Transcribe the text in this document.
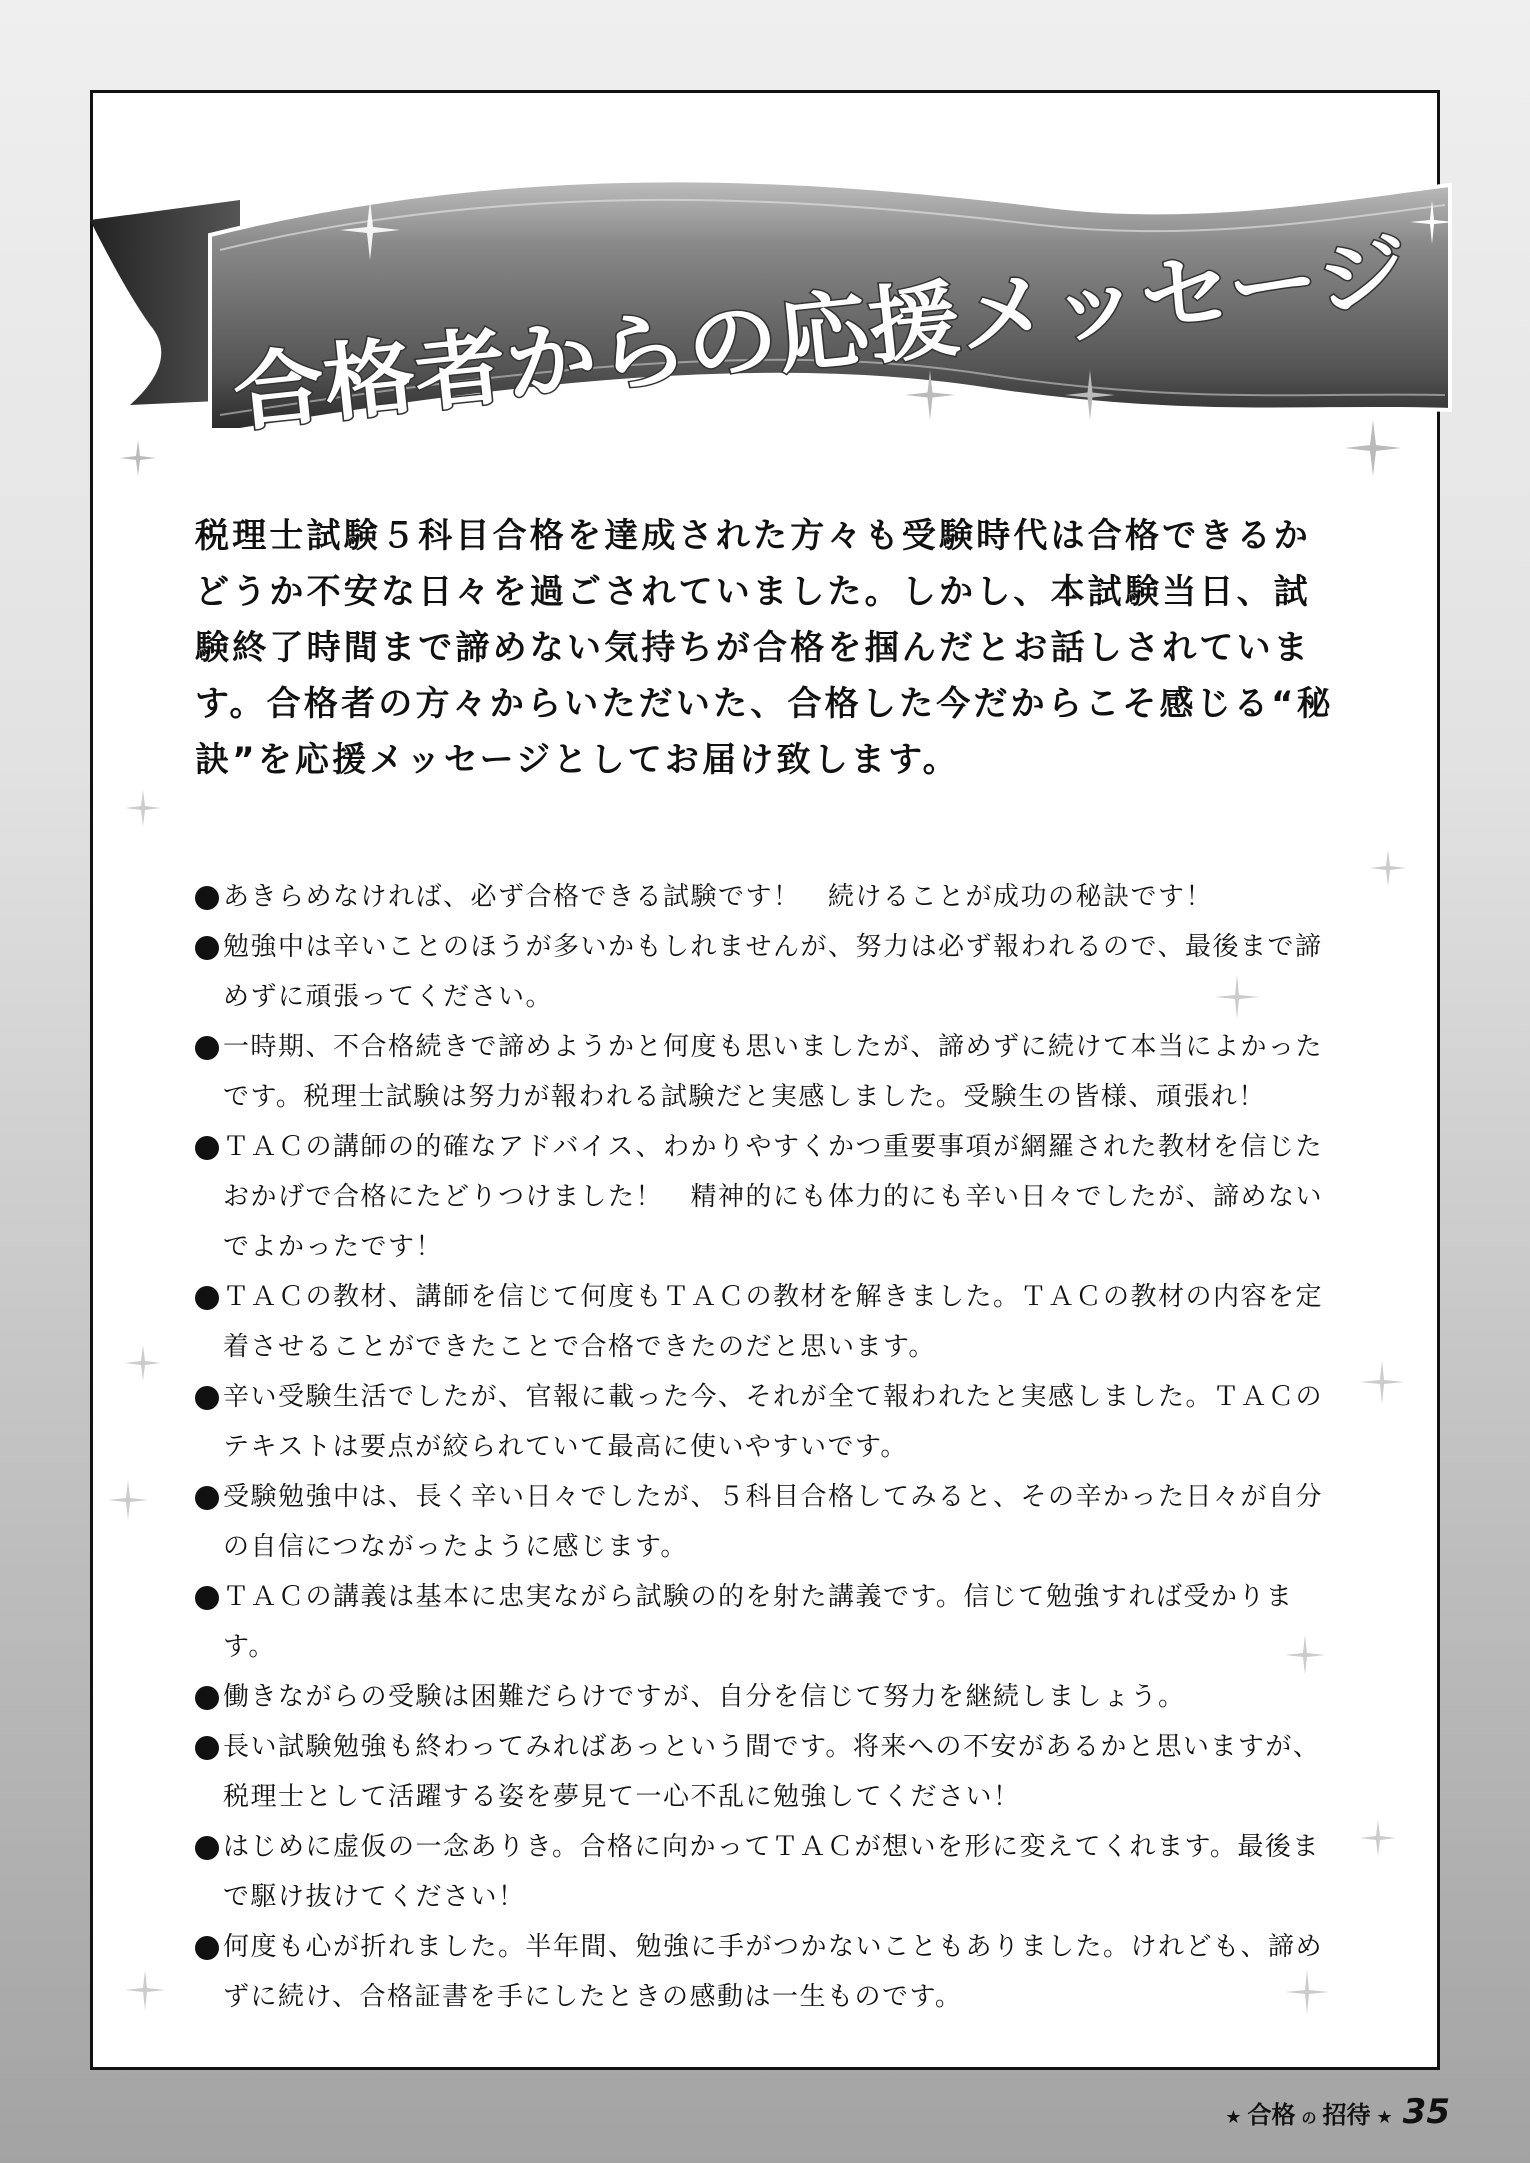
合格者からの応援メッセージ

税理士試験５科目合格を達成された方々も受験時代は合格できるかどうか不安な日々を過ごされていました。しかし、本試験当日、試験終了時間まで諦めない気持ちが合格を掴んだとお話しされています。合格者の方々からいただいた、合格した今だからこそ感じる“秘訣”を応援メッセージとしてお届け致します。

あきらめなければ、必ず合格できる試験です！　続けることが成功の秘訣です！
勉強中は辛いことのほうが多いかもしれませんが、努力は必ず報われるので、最後まで諦めずに頑張ってください。
一時期、不合格続きで諦めようかと何度も思いましたが、諦めずに続けて本当によかったです。税理士試験は努力が報われる試験だと実感しました。受験生の皆様、頑張れ！
ＴＡＣの講師の的確なアドバイス、わかりやすくかつ重要事項が網羅された教材を信じたおかげで合格にたどりつけました！　精神的にも体力的にも辛い日々でしたが、諦めないでよかったです！
ＴＡＣの教材、講師を信じて何度もＴＡＣの教材を解きました。ＴＡＣの教材の内容を定着させることができたことで合格できたのだと思います。
辛い受験生活でしたが、官報に載った今、それが全て報われたと実感しました。ＴＡＣのテキストは要点が絞られていて最高に使いやすいです。
受験勉強中は、長く辛い日々でしたが、５科目合格してみると、その辛かった日々が自分の自信につながったように感じます。
ＴＡＣの講義は基本に忠実ながら試験の的を射た講義です。信じて勉強すれば受かります。
働きながらの受験は困難だらけですが、自分を信じて努力を継続しましょう。
長い試験勉強も終わってみればあっという間です。将来への不安があるかと思いますが、税理士として活躍する姿を夢見て一心不乱に勉強してください！
はじめに虚仮の一念ありき。合格に向かってＴＡＣが想いを形に変えてくれます。最後まで駆け抜けてください！
何度も心が折れました。半年間、勉強に手がつかないこともありました。けれども、諦めずに続け、合格証書を手にしたときの感動は一生ものです。
★ 合格 の 招待 ★ 35
